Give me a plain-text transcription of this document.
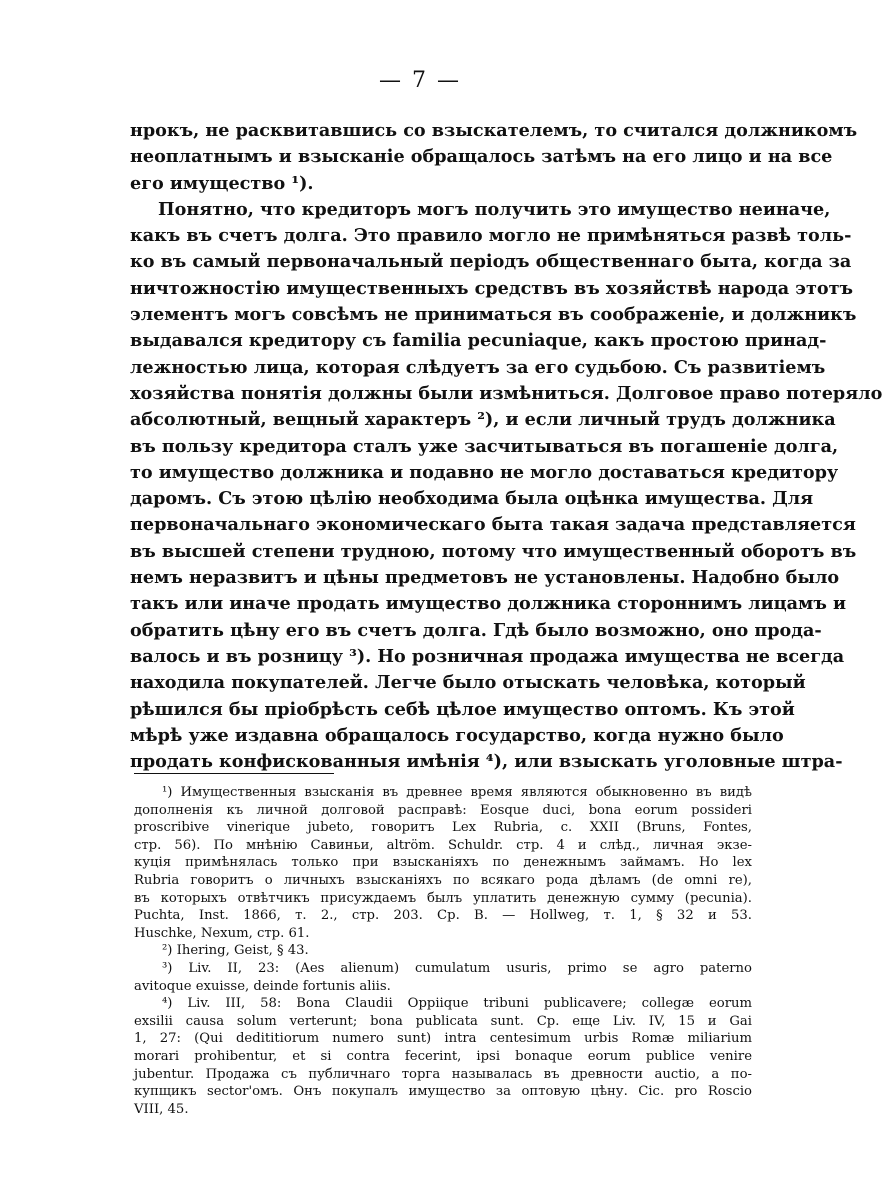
— 7 —
нрокъ, не расквитавшись со взыскателемъ, то считался должникомъ
неоплатнымъ и взысканіе обращалось затѣмъ на его лицо и на все
его имущество ¹).
Понятно, что кредиторъ могъ получить это имущество неиначе,
какъ въ счетъ долга. Это правило могло не примѣняться развѣ толь-
ко въ самый первоначальный періодъ общественнаго быта, когда за
ничтожностію имущественныхъ средствъ въ хозяйствѣ народа этотъ
элементъ могъ совсѣмъ не приниматься въ соображеніе, и должникъ
выдавался кредитору съ familia pecuniaque, какъ простою принад-
лежностью лица, которая слѣдуетъ за его судьбою. Съ развитіемъ
хозяйства понятія должны были измѣниться. Долговое право потеряло
абсолютный, вещный характеръ ²), и если личный трудъ должника
въ пользу кредитора сталъ уже засчитываться въ погашеніе долга,
то имущество должника и подавно не могло доставаться кредитору
даромъ. Съ этою цѣлію необходима была оцѣнка имущества. Для
первоначальнаго экономическаго быта такая задача представляется
въ высшей степени трудною, потому что имущественный оборотъ въ
немъ неразвитъ и цѣны предметовъ не установлены. Надобно было
такъ или иначе продать имущество должника стороннимъ лицамъ и
обратить цѣну его въ счетъ долга. Гдѣ было возможно, оно прода-
валось и въ розницу ³). Но розничная продажа имущества не всегда
находила покупателей. Легче было отыскать человѣка, который
рѣшился бы пріобрѣсть себѣ цѣлое имущество оптомъ. Къ этой
мѣрѣ уже издавна обращалось государство, когда нужно было
продать конфискованныя имѣнія ⁴), или взыскать уголовные штра-
¹) Имущественныя взысканія въ древнее время являются обыкновенно въ видѣ
дополненія къ личной долговой расправѣ: Eosque duci, bona eorum possideri
proscribive vinerique jubeto, говоритъ Lex Rubria, c. XXII (Bruns, Fontes,
стр. 56). По мнѣнію Савиньи, altröm. Schuldr. стр. 4 и слѣд., личная экзе-
куція примѣнялась только при взысканіяхъ по денежнымъ займамъ. Но lex
Rubria говоритъ о личныхъ взысканіяхъ по всякаго рода дѣламъ (de omni re),
въ которыхъ отвѣтчикъ присуждаемъ былъ уплатить денежную сумму (pecunia).
Puchta, Inst. 1866, т. 2., стр. 203. Ср. B. — Hollweg, т. 1, § 32 и 53.
Huschke, Nexum, стр. 61.
²) Ihering, Geist, § 43.
³) Liv. II, 23: (Aes alienum) cumulatum usuris, primo se agro paterno
avitoque exuisse, deinde fortunis aliis.
⁴) Liv. III, 58: Bona Claudii Oppiique tribuni publicavere; collegæ eorum
exsilii causa solum verterunt; bona publicata sunt. Ср. еще Liv. IV, 15 и Gai
1, 27: (Qui dedititiorum numero sunt) intra centesimum urbis Romæ miliarium
morari prohibentur, et si contra fecerint, ipsi bonaque eorum publice venire
jubentur. Продажа съ публичнаго торга называлась въ древности auctio, а по-
купщикъ sector'омъ. Онъ покупалъ имущество за оптовую цѣну. Cic. pro Roscio
VIII, 45.
